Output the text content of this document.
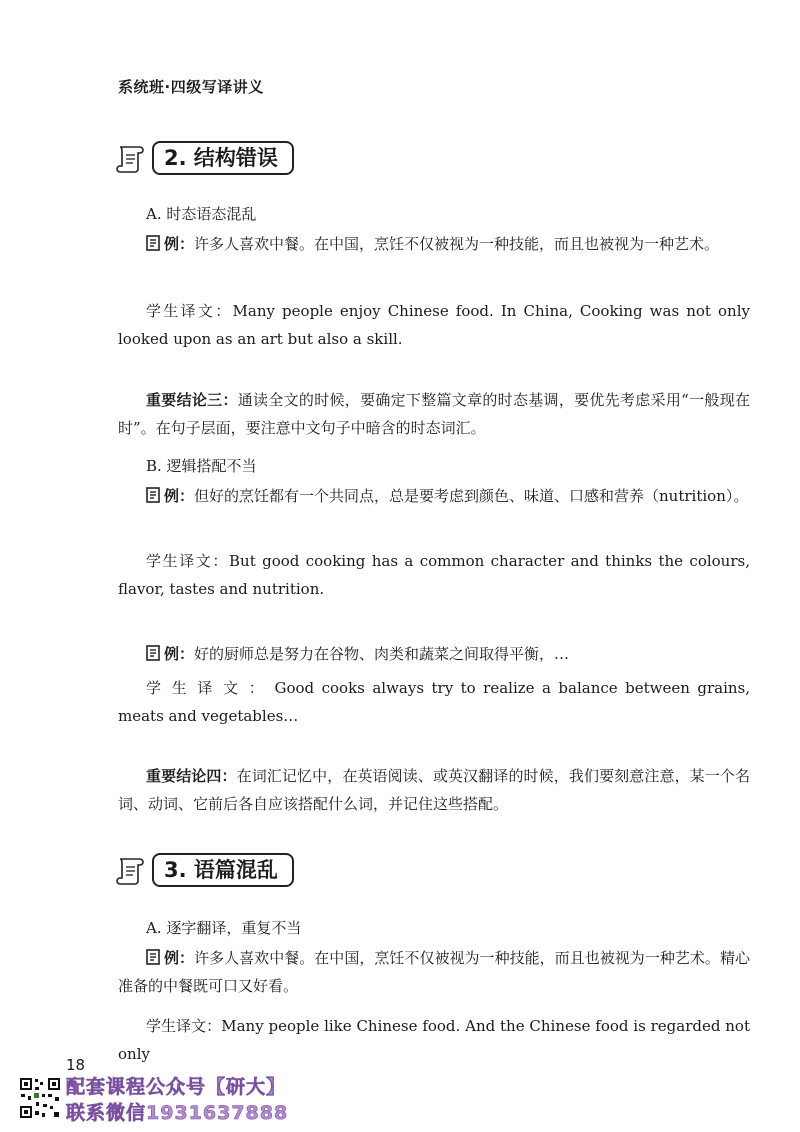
系统班·四级写译讲义
2. 结构错误
A. 时态语态混乱
例：许多人喜欢中餐。在中国，烹饪不仅被视为一种技能，而且也被视为一种艺术。
学生译文：Many people enjoy Chinese food. In China, Cooking was not only looked upon as an art but also a skill.
重要结论三：通读全文的时候，要确定下整篇文章的时态基调，要优先考虑采用“一般现在时”。在句子层面，要注意中文句子中暗含的时态词汇。
B. 逻辑搭配不当
例：但好的烹饪都有一个共同点，总是要考虑到颜色、味道、口感和营养（nutrition）。
学生译文：But good cooking has a common character and thinks the colours, flavor, tastes and nutrition.
例：好的厨师总是努力在谷物、肉类和蔬菜之间取得平衡，…
学生译文：Good cooks always try to realize a balance between grains, meats and vegetables…
重要结论四：在词汇记忆中，在英语阅读、或英汉翻译的时候，我们要刻意注意，某一个名词、动词、它前后各自应该搭配什么词，并记住这些搭配。
3. 语篇混乱
A. 逐字翻译，重复不当
例：许多人喜欢中餐。在中国，烹饪不仅被视为一种技能，而且也被视为一种艺术。精心准备的中餐既可口又好看。
学生译文：Many people like Chinese food. And the Chinese food is regarded not only
18
配套课程公众号【研大】
联系微信1931637888
